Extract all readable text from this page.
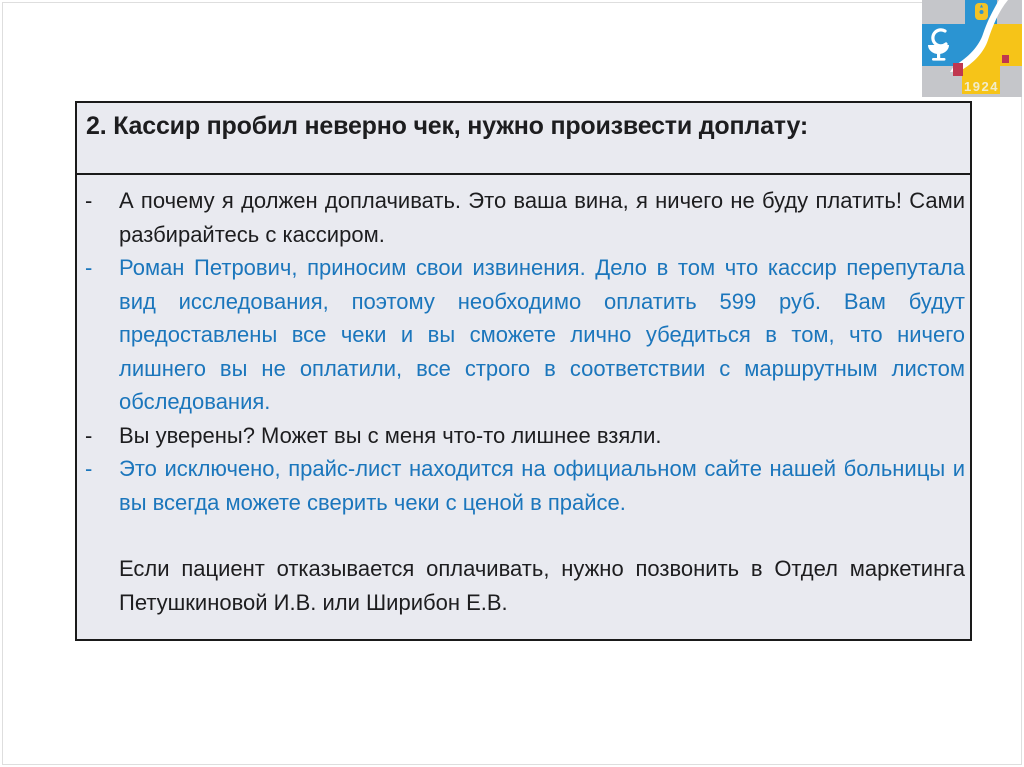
1924
2. Кассир пробил неверно чек, нужно произвести доплату:
-	А почему я должен доплачивать. Это ваша вина, я ничего не буду платить! Сами разбирайтесь с кассиром.
-	Роман Петрович, приносим свои извинения. Дело в том что кассир перепутала вид исследования, поэтому необходимо оплатить 599 руб. Вам будут предоставлены все чеки и вы сможете лично убедиться в том, что ничего лишнего вы не оплатили, все строго в соответствии с маршрутным листом обследования.
-	Вы уверены? Может вы с меня что-то лишнее взяли.
-	Это исключено, прайс-лист находится на официальном сайте нашей больницы и вы всегда можете сверить чеки с ценой в прайсе.
Если пациент отказывается оплачивать, нужно позвонить в Отдел маркетинга Петушкиновой И.В. или Ширибон Е.В.
